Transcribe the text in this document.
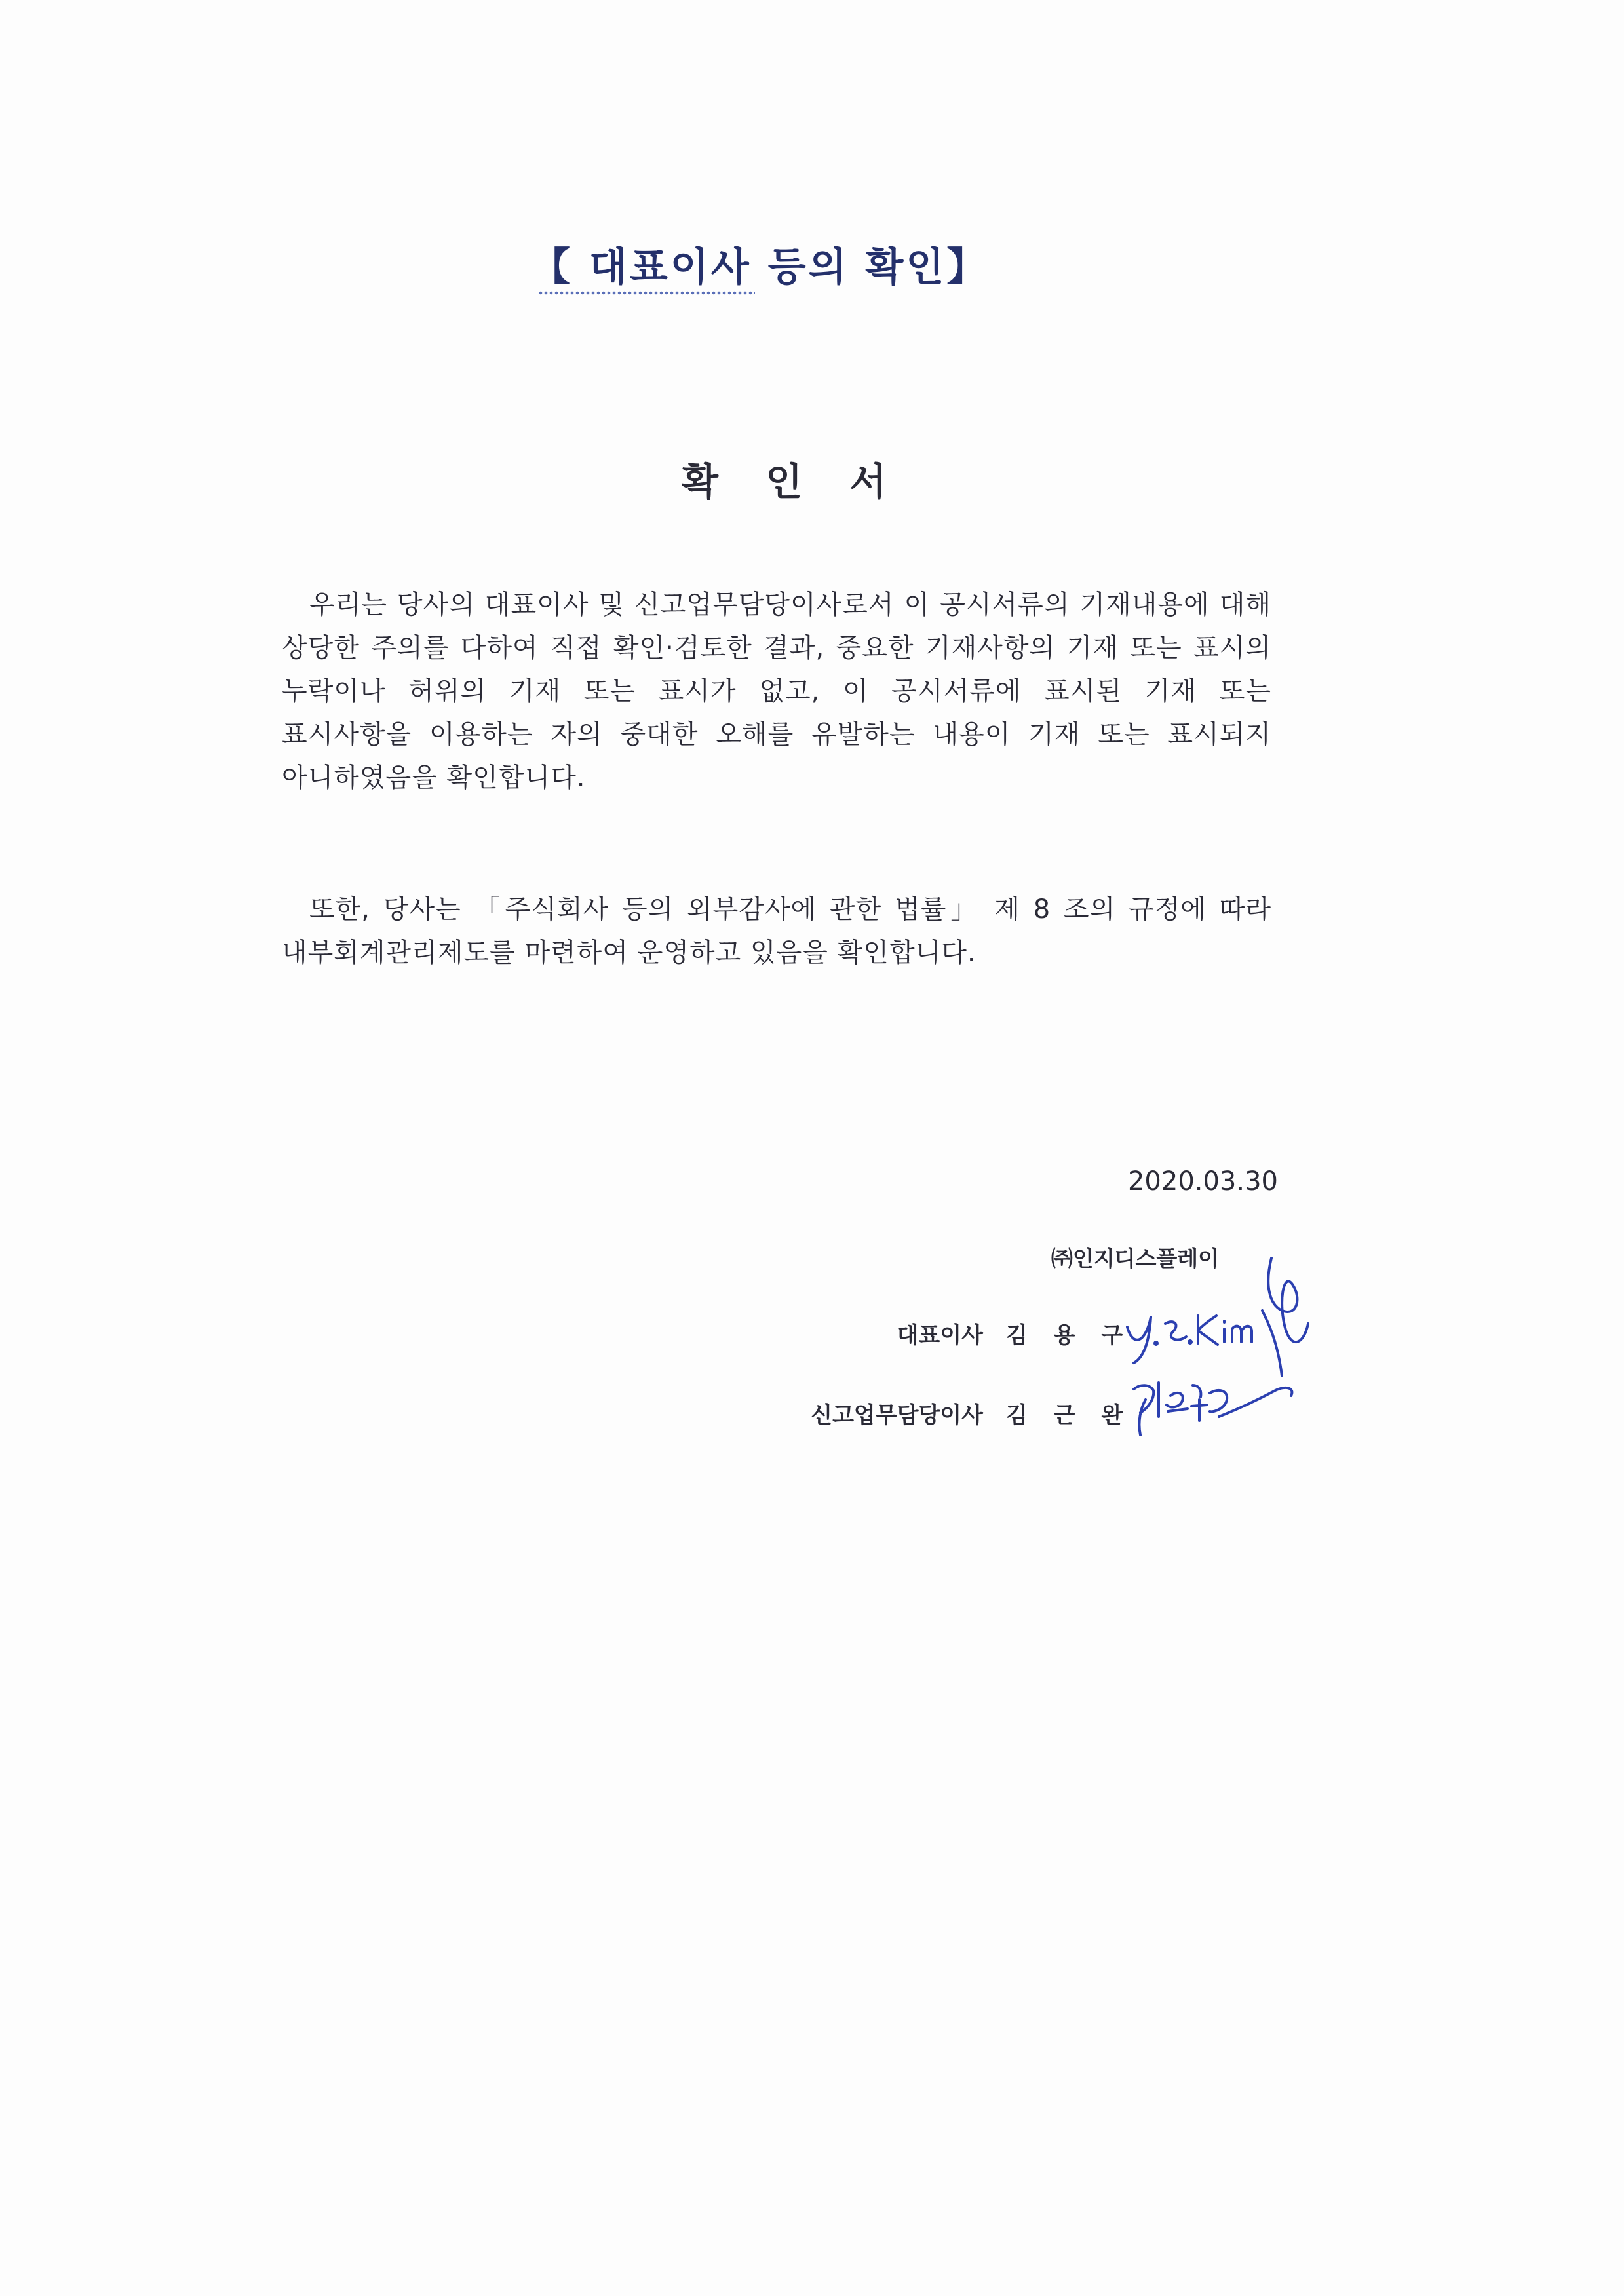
【 대표이사 등의 확인】
확 인 서
우리는 당사의 대표이사 및 신고업무담당이사로서 이 공시서류의 기재내용에 대해 상당한 주의를 다하여 직접 확인·검토한 결과, 중요한 기재사항의 기재 또는 표시의 누락이나 허위의 기재 또는 표시가 없고, 이 공시서류에 표시된 기재 또는 표시사항을 이용하는 자의 중대한 오해를 유발하는 내용이 기재 또는 표시되지 아니하였음을 확인합니다.
또한, 당사는 「주식회사 등의 외부감사에 관한 법률」 제 8 조의 규정에 따라 내부회계관리제도를 마련하여 운영하고 있음을 확인합니다.
2020.03.30
㈜인지디스플레이
대표이사 김 용 구
신고업무담당이사 김 근 완
